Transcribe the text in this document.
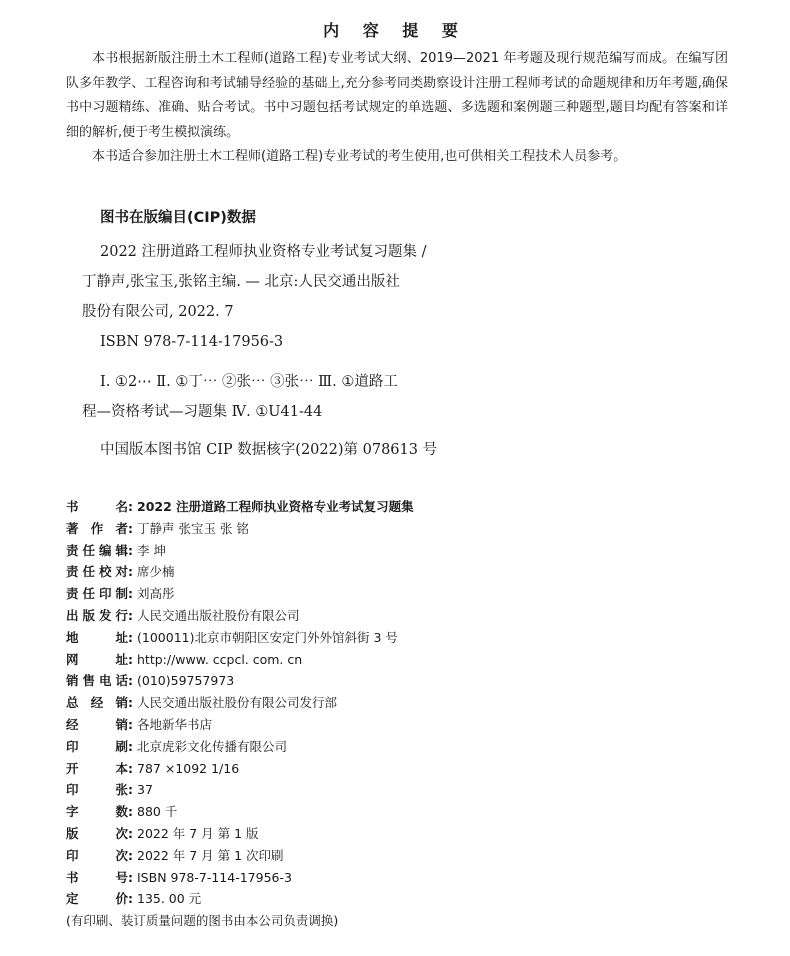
内 容 提 要

本书根据新版注册土木工程师(道路工程)专业考试大纲、2019—2021 年考题及现行规范编写而成。在编写团队多年教学、工程咨询和考试辅导经验的基础上,充分参考同类勘察设计注册工程师考试的命题规律和历年考题,确保书中习题精练、准确、贴合考试。书中习题包括考试规定的单选题、多选题和案例题三种题型,题目均配有答案和详细的解析,便于考生模拟演练。

本书适合参加注册土木工程师(道路工程)专业考试的考生使用,也可供相关工程技术人员参考。

图书在版编目(CIP)数据
2022 注册道路工程师执业资格专业考试复习题集 /
丁静声,张宝玉,张铭主编. — 北京:人民交通出版社
股份有限公司, 2022. 7
ISBN 978-7-114-17956-3
Ⅰ. ①2⋯ Ⅱ. ①丁⋯ ②张⋯ ③张⋯ Ⅲ. ①道路工
程—资格考试—习题集 Ⅳ. ①U41-44
中国版本图书馆 CIP 数据核字(2022)第 078613 号
书名 : 2022 注册道路工程师执业资格专业考试复习题集
著作者 : 丁静声 张宝玉 张 铭
责任编辑 : 李 坤
责任校对 : 席少楠
责任印制 : 刘高彤
出版发行 : 人民交通出版社股份有限公司
地址 : (100011)北京市朝阳区安定门外外馆斜街 3 号
网址 : http://www. ccpcl. com. cn
销售电话 : (010)59757973
总经销 : 人民交通出版社股份有限公司发行部
经销 : 各地新华书店
印刷 : 北京虎彩文化传播有限公司
开本 : 787 ×1092 1/16
印张 : 37
字数 : 880 千
版次 : 2022 年 7 月 第 1 版
印次 : 2022 年 7 月 第 1 次印刷
书号 : ISBN 978-7-114-17956-3
定价 : 135. 00 元
(有印刷、装订质量问题的图书由本公司负责调换)
